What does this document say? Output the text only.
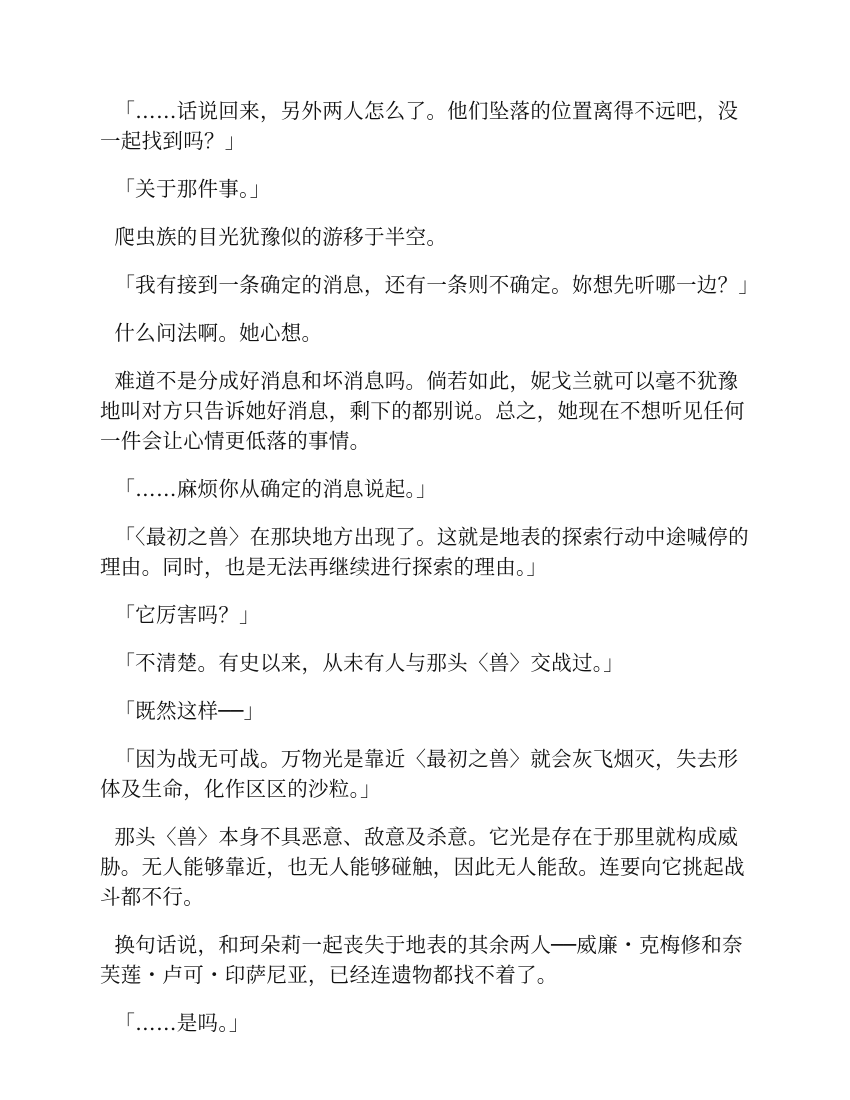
「……话说回来，另外两人怎么了。他们坠落的位置离得不远吧，没一起找到吗？」

「关于那件事。」

爬虫族的目光犹豫似的游移于半空。

「我有接到一条确定的消息，还有一条则不确定。妳想先听哪一边？」

什么问法啊。她心想。

难道不是分成好消息和坏消息吗。倘若如此，妮戈兰就可以毫不犹豫地叫对方只告诉她好消息，剩下的都别说。总之，她现在不想听见任何一件会让心情更低落的事情。

「……麻烦你从确定的消息说起。」

「〈最初之兽〉在那块地方出现了。这就是地表的探索行动中途喊停的理由。同时，也是无法再继续进行探索的理由。」

「它厉害吗？」

「不清楚。有史以来，从未有人与那头〈兽〉交战过。」

「既然这样──」

「因为战无可战。万物光是靠近〈最初之兽〉就会灰飞烟灭，失去形体及生命，化作区区的沙粒。」

那头〈兽〉本身不具恶意、敌意及杀意。它光是存在于那里就构成威胁。无人能够靠近，也无人能够碰触，因此无人能敌。连要向它挑起战斗都不行。

换句话说，和珂朵莉一起丧失于地表的其余两人──威廉・克梅修和奈芙莲・卢可・印萨尼亚，已经连遗物都找不着了。

「……是吗。」
